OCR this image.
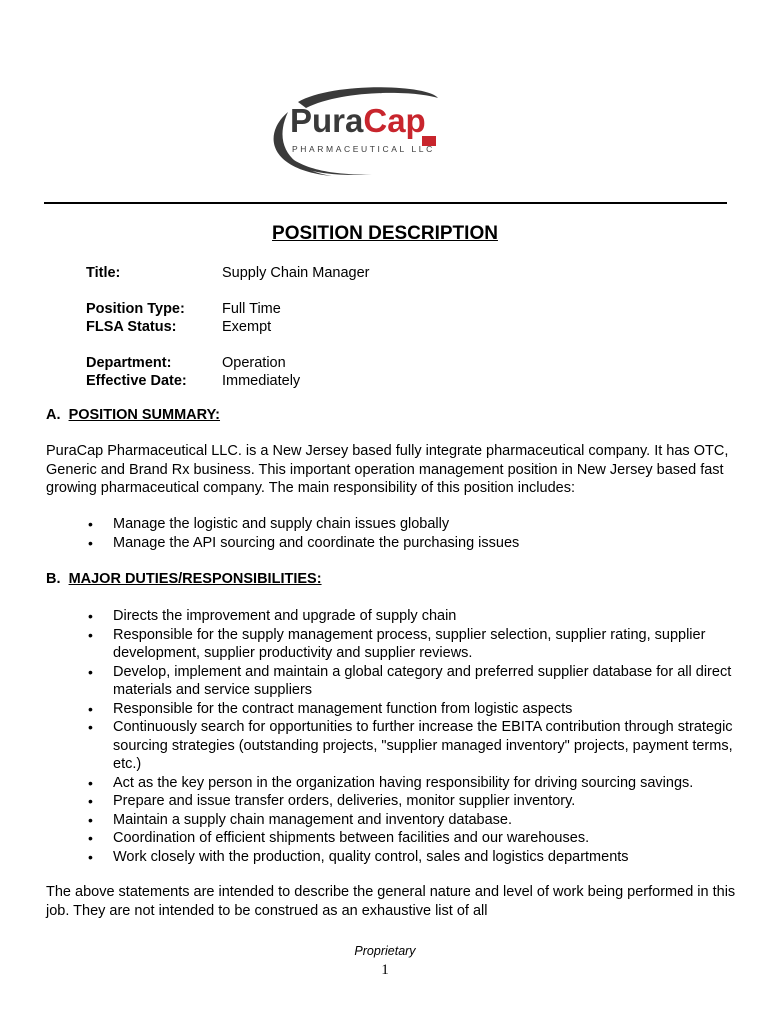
PuraCap
PHARMACEUTICAL LLC
POSITION DESCRIPTION
Title:	Supply Chain Manager
Position Type:	Full Time
FLSA Status:	Exempt
Department:	Operation
Effective Date:	Immediately
A. POSITION SUMMARY:
PuraCap Pharmaceutical LLC. is a New Jersey based fully integrate pharmaceutical company. It has OTC, Generic and Brand Rx business. This important operation management position in New Jersey based fast growing pharmaceutical company. The main responsibility of this position includes:
• Manage the logistic and supply chain issues globally
• Manage the API sourcing and coordinate the purchasing issues
B. MAJOR DUTIES/RESPONSIBILITIES:
• Directs the improvement and upgrade of supply chain
• Responsible for the supply management process, supplier selection, supplier rating, supplier development, supplier productivity and supplier reviews.
• Develop, implement and maintain a global category and preferred supplier database for all direct materials and service suppliers
• Responsible for the contract management function from logistic aspects
• Continuously search for opportunities to further increase the EBITA contribution through strategic sourcing strategies (outstanding projects, "supplier managed inventory" projects, payment terms, etc.)
• Act as the key person in the organization having responsibility for driving sourcing savings.
• Prepare and issue transfer orders, deliveries, monitor supplier inventory.
• Maintain a supply chain management and inventory database.
• Coordination of efficient shipments between facilities and our warehouses.
• Work closely with the production, quality control, sales and logistics departments
The above statements are intended to describe the general nature and level of work being performed in this job. They are not intended to be construed as an exhaustive list of all
Proprietary
1
